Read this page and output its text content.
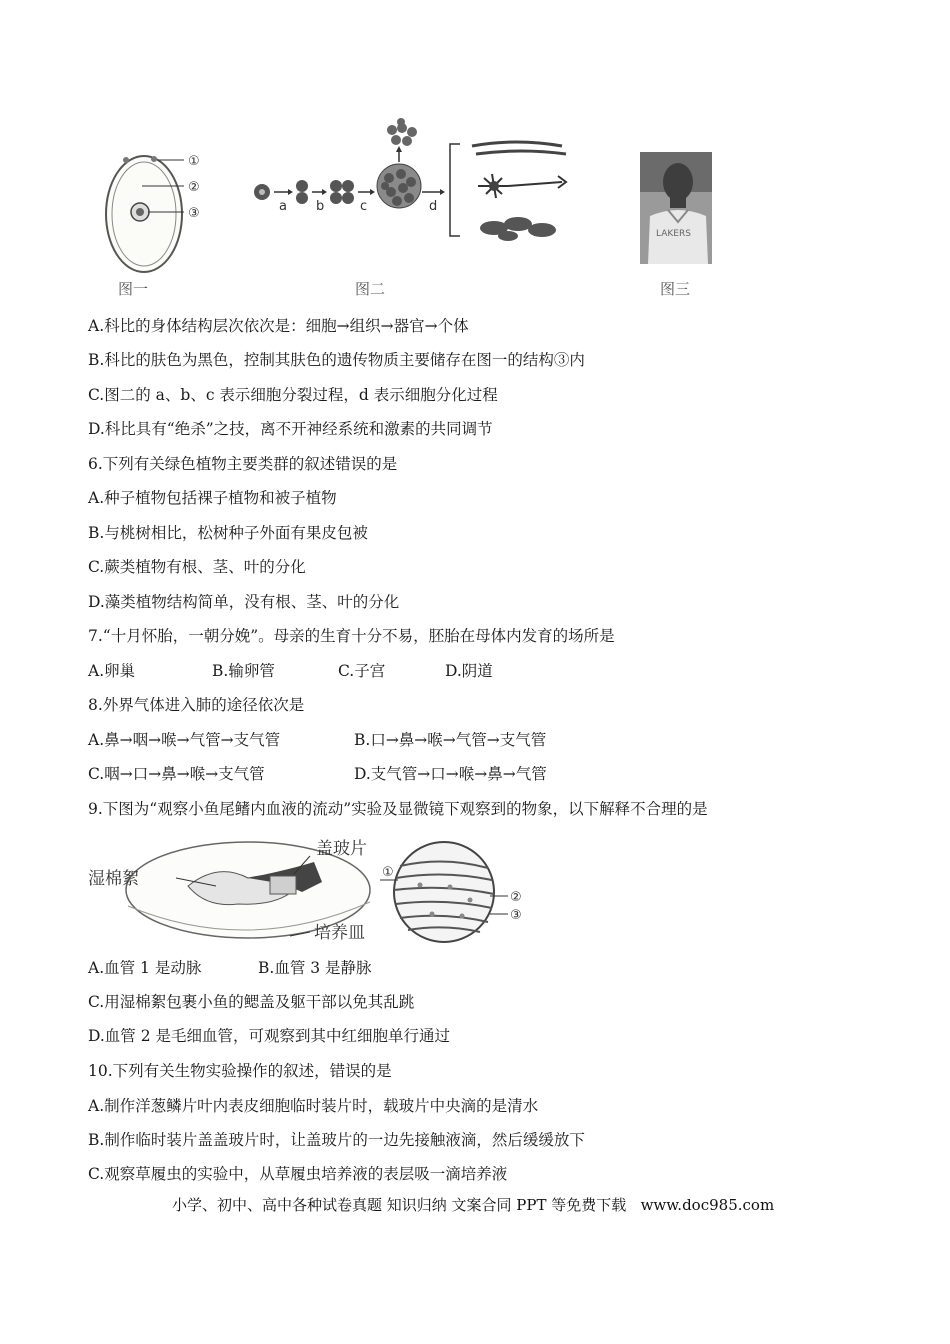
①
②
③
图一
a b	c	d
图二
LAKERS
图三
A.科比的身体结构层次依次是：细胞→组织→器官→个体
B.科比的肤色为黑色，控制其肤色的遗传物质主要储存在图一的结构③内
C.图二的 a、b、c 表示细胞分裂过程，d 表示细胞分化过程
D.科比具有“绝杀”之技，离不开神经系统和激素的共同调节
6.下列有关绿色植物主要类群的叙述错误的是
A.种子植物包括裸子植物和被子植物
B.与桃树相比，松树种子外面有果皮包被
C.蕨类植物有根、茎、叶的分化
D.藻类植物结构简单，没有根、茎、叶的分化
7.“十月怀胎，一朝分娩”。母亲的生育十分不易，胚胎在母体内发育的场所是
A.卵巢	B.输卵管	C.子宫	D.阴道
8.外界气体进入肺的途径依次是
A.鼻→咽→喉→气管→支气管	B.口→鼻→喉→气管→支气管
C.咽→口→鼻→喉→支气管	D.支气管→口→喉→鼻→气管
9.下图为“观察小鱼尾鳍内血液的流动”实验及显微镜下观察到的物象，以下解释不合理的是
湿棉絮
盖玻片
培养皿
①
②
③
A.血管 1 是动脉	B.血管 3 是静脉
C.用湿棉絮包裹小鱼的鳃盖及躯干部以免其乱跳
D.血管 2 是毛细血管，可观察到其中红细胞单行通过
10.下列有关生物实验操作的叙述，错误的是
A.制作洋葱鳞片叶内表皮细胞临时装片时，载玻片中央滴的是清水
B.制作临时装片盖盖玻片时，让盖玻片的一边先接触液滴，然后缓缓放下
C.观察草履虫的实验中，从草履虫培养液的表层吸一滴培养液
小学、初中、高中各种试卷真题 知识归纳 文案合同 PPT 等免费下载   www.doc985.com
